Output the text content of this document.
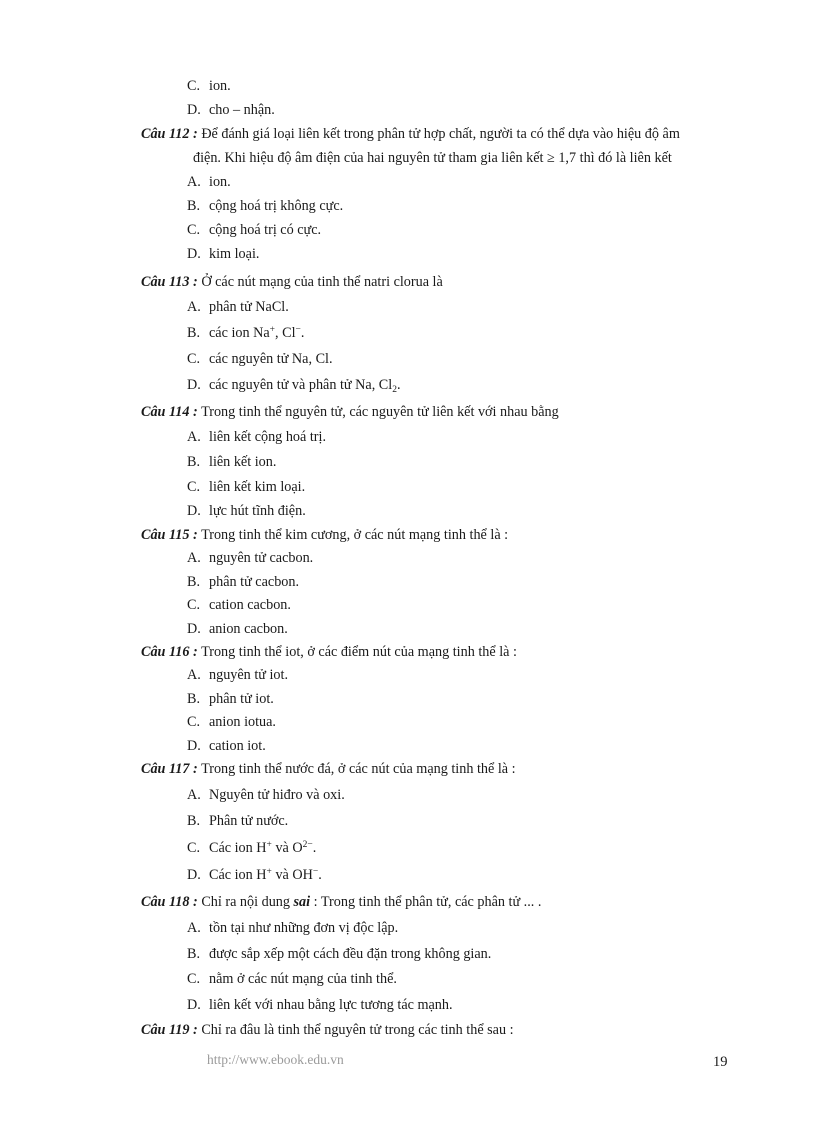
C. ion.
D. cho – nhận.
Câu 112 : Để đánh giá loại liên kết trong phân tử hợp chất, người ta có thể dựa vào hiệu độ âm
điện. Khi hiệu độ âm điện của hai nguyên tử tham gia liên kết ≥ 1,7 thì đó là liên kết
A. ion.
B. cộng hoá trị không cực.
C. cộng hoá trị có cực.
D. kim loại.
Câu 113 : Ở các nút mạng của tinh thể natri clorua là
A. phân tử NaCl.
B. các ion Na+, Cl−.
C. các nguyên tử Na, Cl.
D. các nguyên tử và phân tử Na, $Cl_2$.
Câu 114 : Trong tinh thể nguyên tử, các nguyên tử liên kết với nhau bằng
A. liên kết cộng hoá trị.
B. liên kết ion.
C. liên kết kim loại.
D. lực hút tĩnh điện.
Câu 115 : Trong tinh thể kim cương, ở các nút mạng tinh thể là :
A. nguyên tử cacbon.
B. phân tử cacbon.
C. cation cacbon.
D. anion cacbon.
Câu 116 : Trong tinh thể iot, ở các điểm nút của mạng tinh thể là :
A. nguyên tử iot.
B. phân tử iot.
C. anion iotua.
D. cation iot.
Câu 117 : Trong tinh thể nước đá, ở các nút của mạng tinh thể là :
A. Nguyên tử hiđro và oxi.
B. Phân tử nước.
C. Các ion H+ và $O^{2-}$.
D. Các ion H+ và OH−.
Câu 118 : Chỉ ra nội dung sai : Trong tinh thể phân tử, các phân tử ... .
A. tồn tại như những đơn vị độc lập.
B. được sắp xếp một cách đều đặn trong không gian.
C. nằm ở các nút mạng của tinh thể.
D. liên kết với nhau bằng lực tương tác mạnh.
Câu 119 : Chỉ ra đâu là tinh thể nguyên tử trong các tinh thể sau :
http://www.ebook.edu.vn	19
